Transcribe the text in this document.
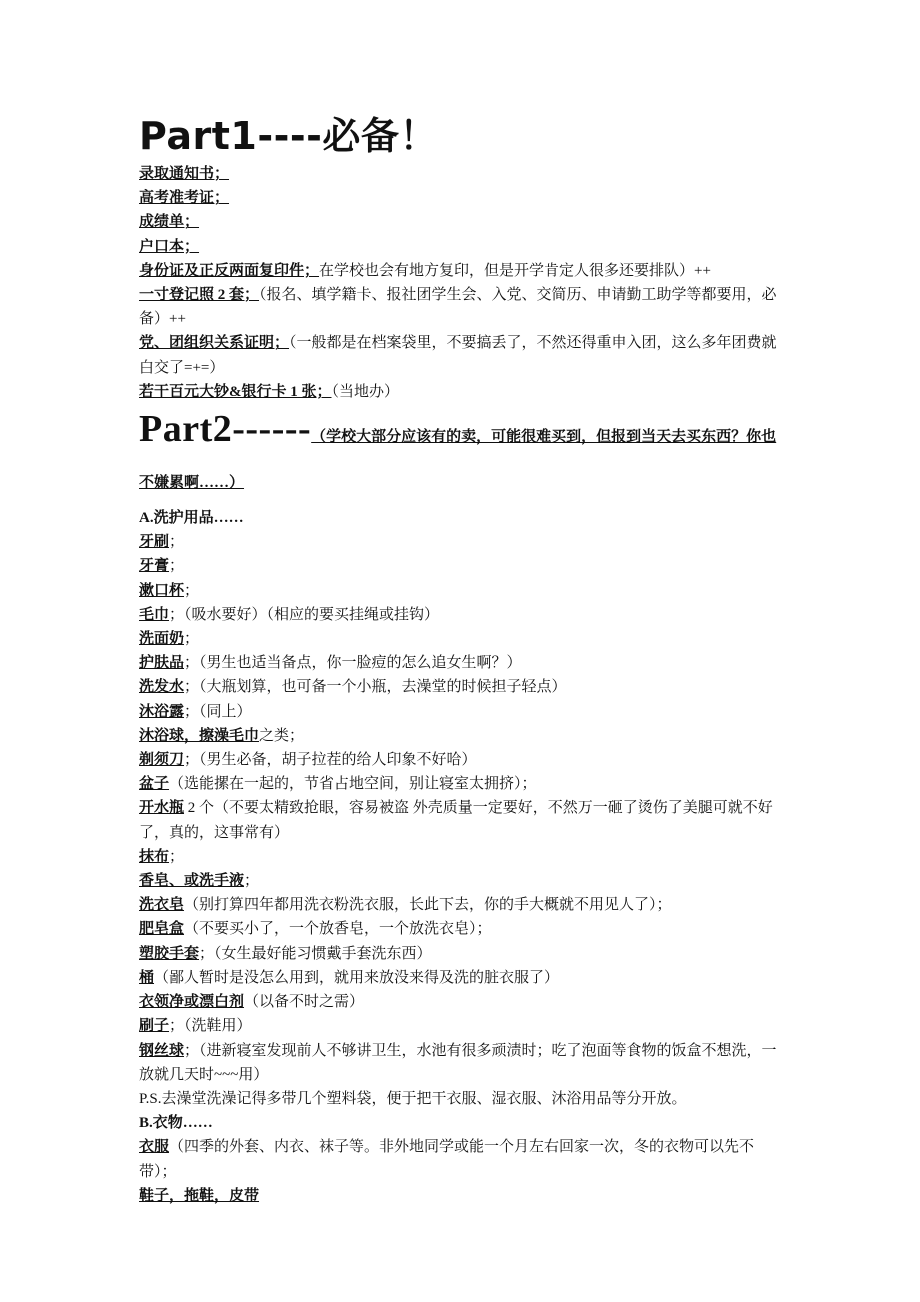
Part1----必备！
录取通知书；
高考准考证；
成绩单；
户口本；
身份证及正反两面复印件；在学校也会有地方复印，但是开学肯定人很多还要排队）++
一寸登记照 2 套；（报名、填学籍卡、报社团学生会、入党、交简历、申请勤工助学等都要用，必备）++
党、团组织关系证明；（一般都是在档案袋里，不要搞丢了，不然还得重申入团，这么多年团费就白交了=+=）
若干百元大钞&银行卡 1 张；（当地办）
Part2------（学校大部分应该有的卖，可能很难买到，但报到当天去买东西？你也不嫌累啊……）
A.洗护用品……
牙刷；
牙膏；
漱口杯；
毛巾；（吸水要好）（相应的要买挂绳或挂钩）
洗面奶；
护肤品；（男生也适当备点，你一脸痘的怎么追女生啊？）
洗发水；（大瓶划算，也可备一个小瓶，去澡堂的时候担子轻点）
沐浴露；（同上）
沐浴球，擦澡毛巾之类；
剃须刀；（男生必备，胡子拉茬的给人印象不好哈）
盆子（选能摞在一起的，节省占地空间，别让寝室太拥挤）；
开水瓶 2 个（不要太精致抢眼，容易被盗 外壳质量一定要好，不然万一砸了烫伤了美腿可就不好了，真的，这事常有）
抹布；
香皂、或洗手液；
洗衣皂（别打算四年都用洗衣粉洗衣服，长此下去，你的手大概就不用见人了）；
肥皂盒（不要买小了，一个放香皂，一个放洗衣皂）；
塑胶手套；（女生最好能习惯戴手套洗东西）
桶（鄙人暂时是没怎么用到，就用来放没来得及洗的脏衣服了）
衣领净或漂白剂（以备不时之需）
刷子；（洗鞋用）
钢丝球；（进新寝室发现前人不够讲卫生，水池有很多顽渍时；吃了泡面等食物的饭盒不想洗，一放就几天时~~~用）
P.S.去澡堂洗澡记得多带几个塑料袋，便于把干衣服、湿衣服、沐浴用品等分开放。
B.衣物……
衣服（四季的外套、内衣、袜子等。非外地同学或能一个月左右回家一次，冬的衣物可以先不带）；
鞋子，拖鞋，皮带
